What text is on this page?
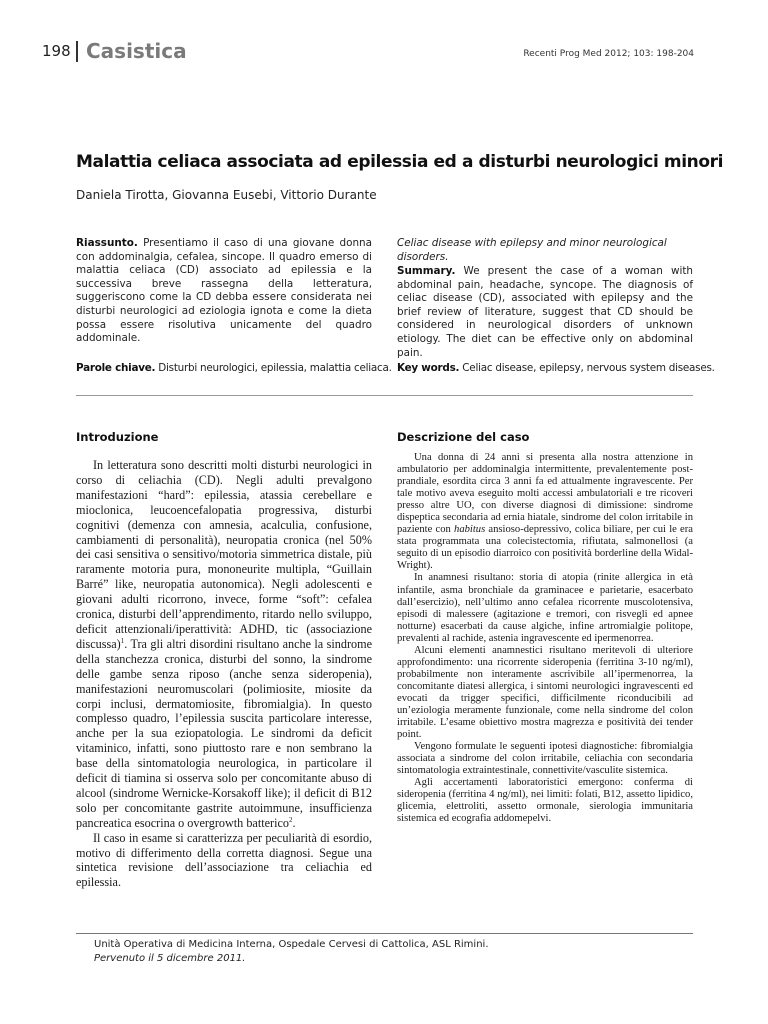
198 Casistica	Recenti Prog Med 2012; 103: 198-204
Malattia celiaca associata ad epilessia ed a disturbi neurologici minori
Daniela Tirotta, Giovanna Eusebi, Vittorio Durante
Riassunto. Presentiamo il caso di una giovane donna con addominalgia, cefalea, sincope. Il quadro emerso di malattia celiaca (CD) associato ad epilessia e la successiva breve rassegna della letteratura, suggeriscono come la CD debba essere considerata nei disturbi neurologici ad eziologia ignota e come la dieta possa essere risolutiva unicamente del quadro addominale.
Celiac disease with epilepsy and minor neurological disorders.
Summary. We present the case of a woman with abdominal pain, headache, syncope. The diagnosis of celiac disease (CD), associated with epilepsy and the brief review of literature, suggest that CD should be considered in neurological disorders of unknown etiology. The diet can be effective only on abdominal pain.
Parole chiave. Disturbi neurologici, epilessia, malattia celiaca. Key words. Celiac disease, epilepsy, nervous system diseases.
Introduzione	Descrizione del caso

In letteratura sono descritti molti disturbi neurologici in corso di celiachia (CD). Negli adulti prevalgono manifestazioni “hard”: epilessia, atassia cerebellare e mioclonica, leucoencefalopatia progressiva, disturbi cognitivi (demenza con amnesia, acalculia, confusione, cambiamenti di personalità), neuropatia cronica (nel 50% dei casi sensitiva o sensitivo/motoria simmetrica distale, più raramente motoria pura, mononeurite multipla, “Guillain Barré” like, neuropatia autonomica). Negli adolescenti e giovani adulti ricorrono, invece, forme “soft”: cefalea cronica, disturbi dell’apprendimento, ritardo nello sviluppo, deficit attenzionali/iperattività: ADHD, tic (associazione discussa)$^1$. Tra gli altri disordini risultano anche la sindrome della stanchezza cronica, disturbi del sonno, la sindrome delle gambe senza riposo (anche senza sideropenia), manifestazioni neuromuscolari (polimiosite, miosite da corpi inclusi, dermatomiosite, fibromialgia). In questo complesso quadro, l’epilessia suscita particolare interesse, anche per la sua eziopatologia. Le sindromi da deficit vitaminico, infatti, sono piuttosto rare e non sembrano la base della sintomatologia neurologica, in particolare il deficit di tiamina si osserva solo per concomitante abuso di alcool (sindrome Wernicke-Korsakoff like); il deficit di B12 solo per concomitante gastrite autoimmune, insufficienza pancreatica esocrina o overgrowth batterico$^2$.

Il caso in esame si caratterizza per peculiarità di esordio, motivo di differimento della corretta diagnosi. Segue una sintetica revisione dell’associazione tra celiachia ed epilessia.

Una donna di 24 anni si presenta alla nostra attenzione in ambulatorio per addominalgia intermittente, prevalentemente post-prandiale, esordita circa 3 anni fa ed attualmente ingravescente. Per tale motivo aveva eseguito molti accessi ambulatoriali e tre ricoveri presso altre UO, con diverse diagnosi di dimissione: sindrome dispeptica secondaria ad ernia hiatale, sindrome del colon irritabile in paziente con habitus ansioso-depressivo, colica biliare, per cui le era stata programmata una colecistectomia, rifiutata, salmonellosi (a seguito di un episodio diarroico con positività borderline della Widal-Wright).

In anamnesi risultano: storia di atopia (rinite allergica in età infantile, asma bronchiale da graminacee e parietarie, esacerbato dall’esercizio), nell’ultimo anno cefalea ricorrente muscolotensiva, episodi di malessere (agitazione e tremori, con risvegli ed apnee notturne) esacerbati da cause algiche, infine artromialgie politope, prevalenti al rachide, astenia ingravescente ed ipermenorrea.

Alcuni elementi anamnestici risultano meritevoli di ulteriore approfondimento: una ricorrente sideropenia (ferritina 3-10 ng/ml), probabilmente non interamente ascrivibile all’ipermenorrea, la concomitante diatesi allergica, i sintomi neurologici ingravescenti ed evocati da trigger specifici, difficilmente riconducibili ad un’eziologia meramente funzionale, come nella sindrome del colon irritabile. L’esame obiettivo mostra magrezza e positività dei tender point.

Vengono formulate le seguenti ipotesi diagnostiche: fibromialgia associata a sindrome del colon irritabile, celiachia con secondaria sintomatologia extraintestinale, connettivite/vasculite sistemica.

Agli accertamenti laboratoristici emergono: conferma di sideropenia (ferritina 4 ng/ml), nei limiti: folati, B12, assetto lipidico, glicemia, elettroliti, assetto ormonale, sierologia immunitaria sistemica ed ecografia addomepelvi.

Unità Operativa di Medicina Interna, Ospedale Cervesi di Cattolica, ASL Rimini.
Pervenuto il 5 dicembre 2011.
